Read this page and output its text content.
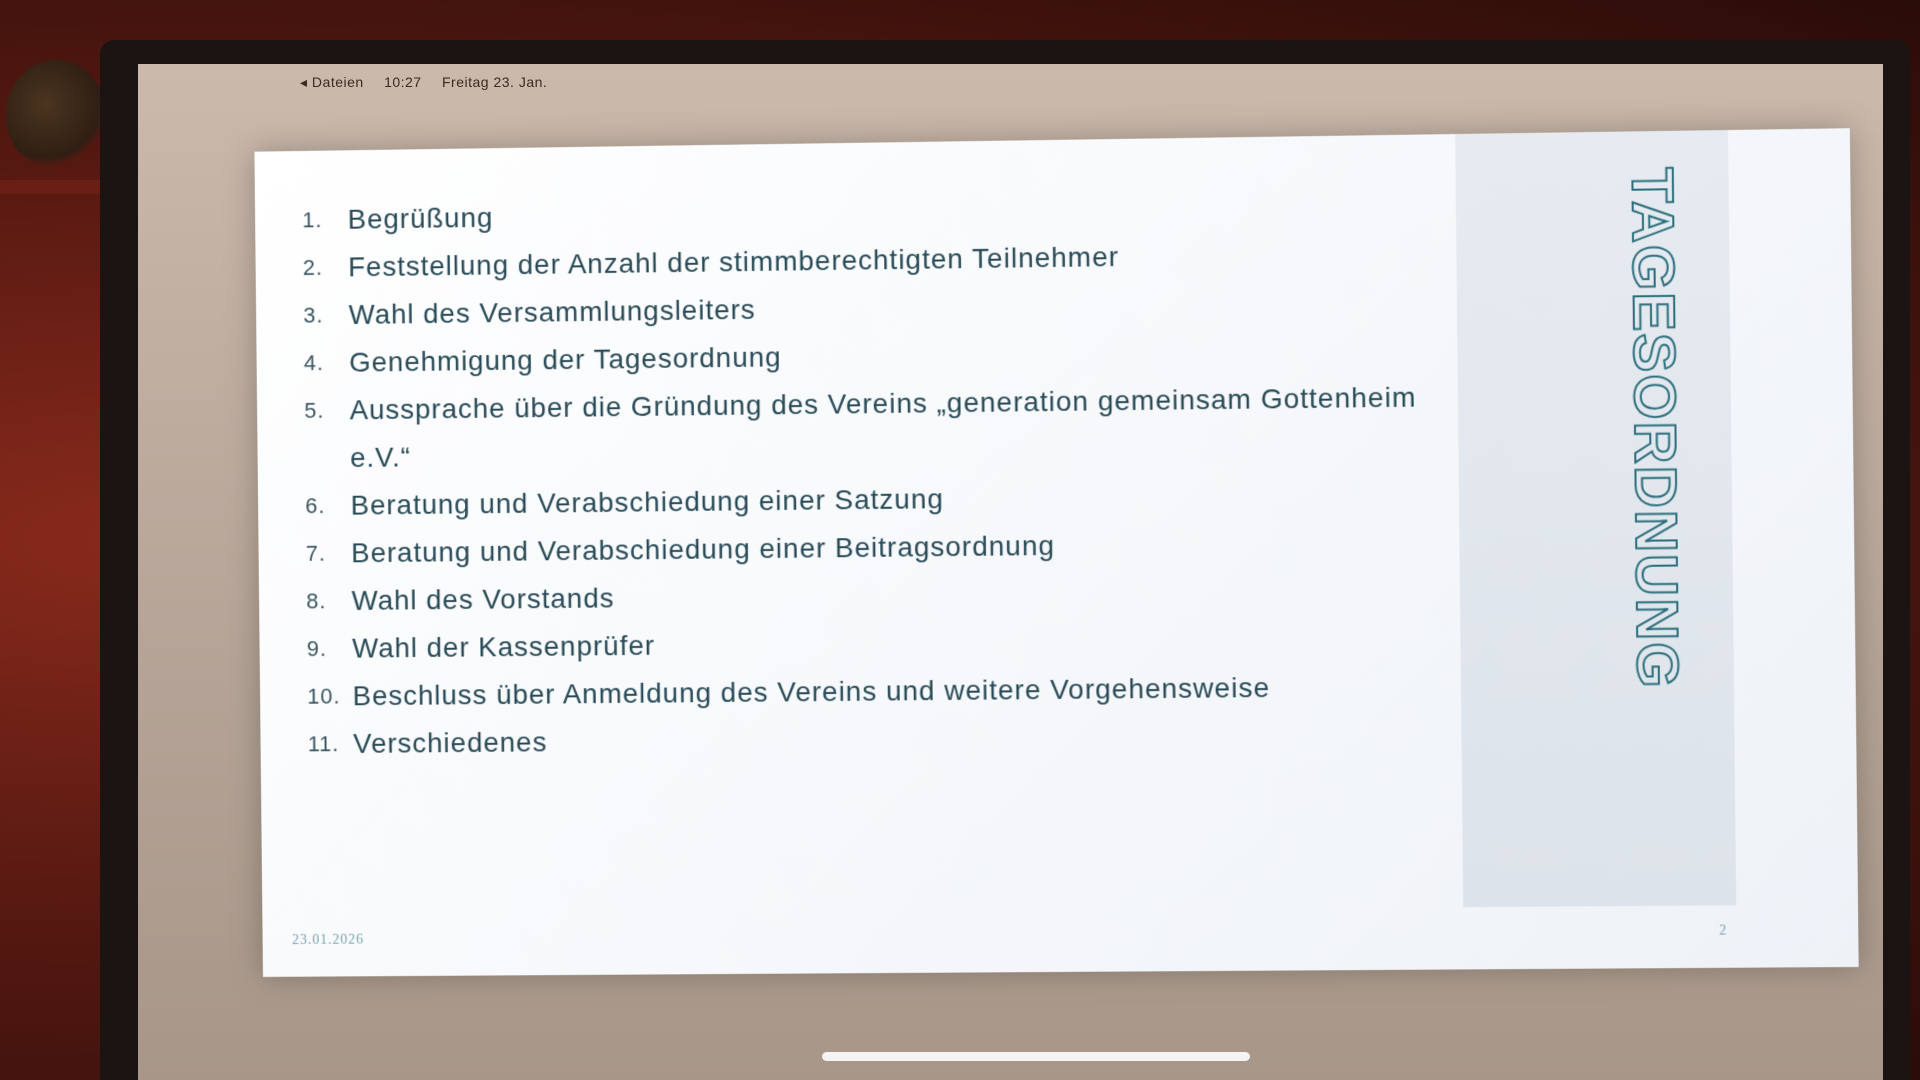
◂ Dateien 10:27 Freitag 23. Jan.
TAGESORDNUNG
1. Begrüßung
2. Feststellung der Anzahl der stimmberechtigten Teilnehmer
3. Wahl des Versammlungsleiters
4. Genehmigung der Tagesordnung
5. Aussprache über die Gründung des Vereins „generation gemeinsam Gottenheim e.V.“
6. Beratung und Verabschiedung einer Satzung
7. Beratung und Verabschiedung einer Beitragsordnung
8. Wahl des Vorstands
9. Wahl der Kassenprüfer
10. Beschluss über Anmeldung des Vereins und weitere Vorgehensweise
11. Verschiedenes
23.01.2026
2
